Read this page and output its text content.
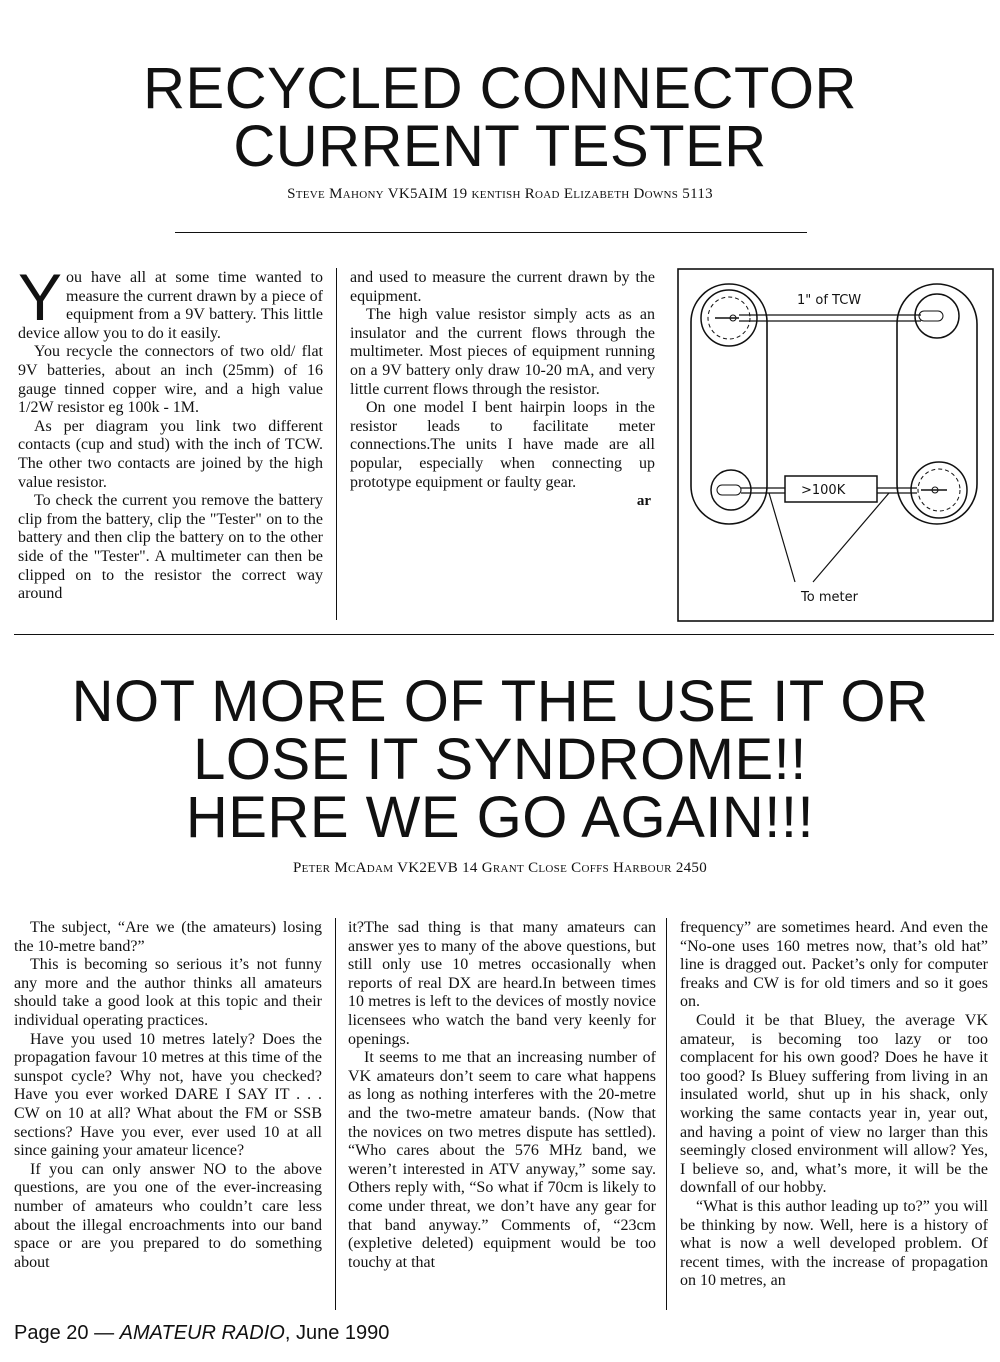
RECYCLED CONNECTOR
CURRENT TESTER
Steve Mahony VK5AIM 19 kentish Road Elizabeth Downs 5113

You have all at some time wanted to measure the current drawn by a piece of equipment from a 9V battery. This little device allow you to do it easily.

You recycle the connectors of two old/ flat 9V batteries, about an inch (25mm) of 16 gauge tinned copper wire, and a high value 1/2W resistor eg 100k - 1M.

As per diagram you link two different contacts (cup and stud) with the inch of TCW. The other two contacts are joined by the high value resistor.

To check the current you remove the battery clip from the battery, clip the "Tester" on to the battery and then clip the battery on to the other side of the "Tester". A multimeter can then be clipped on to the resistor the correct way around

and used to measure the current drawn by the equipment.

The high value resistor simply acts as an insulator and the current flows through the multimeter. Most pieces of equipment running on a 9V battery only draw 10-20 mA, and very little current flows through the resistor.

On one model I bent hairpin loops in the resistor leads to facilitate meter connections.The units I have made are all popular, especially when connecting up prototype equipment or faulty gear.

ar
1" of TCW
>100K
To meter
NOT MORE OF THE USE IT OR
LOSE IT SYNDROME!!
HERE WE GO AGAIN!!!
Peter McAdam VK2EVB 14 Grant Close Coffs Harbour 2450

The subject, “Are we (the amateurs) losing the 10-metre band?”

This is becoming so serious it’s not funny any more and the author thinks all amateurs should take a good look at this topic and their individual operating practices.

Have you used 10 metres lately? Does the propagation favour 10 metres at this time of the sunspot cycle? Why not, have you checked? Have you ever worked DARE I SAY IT . . . CW on 10 at all? What about the FM or SSB sections? Have you ever, ever used 10 at all since gaining your amateur licence?

If you can only answer NO to the above questions, are you one of the ever-increasing number of amateurs who couldn’t care less about the illegal encroachments into our band space or are you prepared to do something about

it?The sad thing is that many amateurs can answer yes to many of the above questions, but still only use 10 metres occasionally when reports of real DX are heard.In between times 10 metres is left to the devices of mostly novice licensees who watch the band very keenly for openings.

It seems to me that an increasing number of VK amateurs don’t seem to care what happens as long as nothing interferes with the 20-metre and the two-metre amateur bands. (Now that the novices on two metres dispute has settled). “Who cares about the 576 MHz band, we weren’t interested in ATV anyway,” some say. Others reply with, “So what if 70cm is likely to come under threat, we don’t have any gear for that band anyway.” Comments of, “23cm (expletive deleted) equipment would be too touchy at that

frequency” are sometimes heard. And even the “No-one uses 160 metres now, that’s old hat” line is dragged out. Packet’s only for computer freaks and CW is for old timers and so it goes on.

Could it be that Bluey, the average VK amateur, is becoming too lazy or too complacent for his own good? Does he have it too good? Is Bluey suffering from living in an insulated world, shut up in his shack, only working the same contacts year in, year out, and having a point of view no larger than this seemingly closed environment will allow? Yes, I believe so, and, what’s more, it will be the downfall of our hobby.

“What is this author leading up to?” you will be thinking by now. Well, here is a history of what is now a well developed problem. Of recent times, with the increase of propagation on 10 metres, an

Page 20 — AMATEUR RADIO, June 1990
